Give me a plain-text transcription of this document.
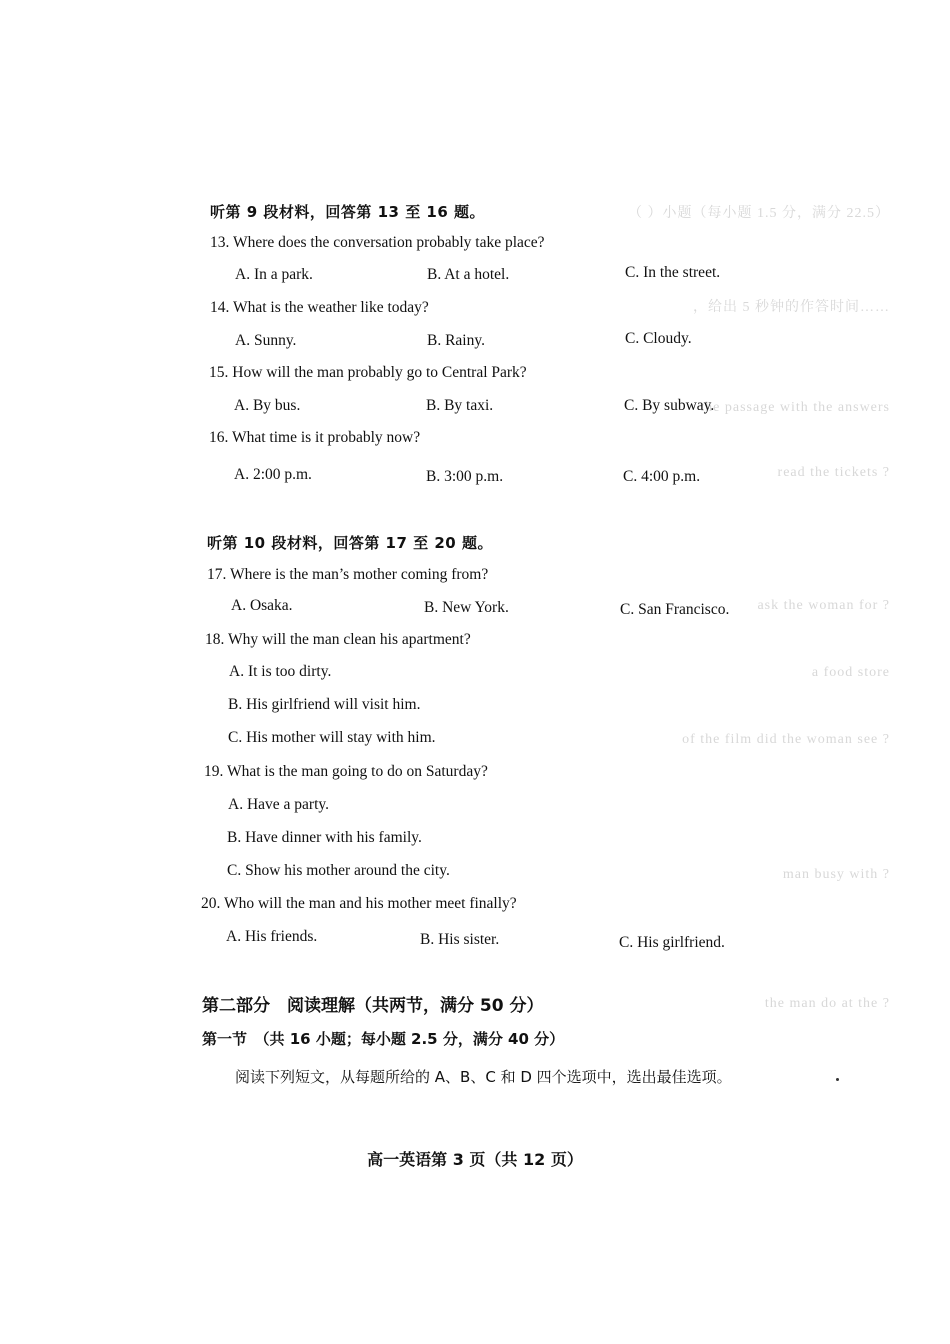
（ ）小题（每小题 1.5 分，满分 22.5）
，给出 5 秒钟的作答时间……
the passage with the answers
read the tickets ?
ask the woman for ?
a food store
of the film did the woman see ?
man busy with ?
the man do at the ?
听第 9 段材料，回答第 13 至 16 题。
13. Where does the conversation probably take place?
A. In a park.	B. At a hotel.	C. In the street.
14. What is the weather like today?
A. Sunny.	B. Rainy.	C. Cloudy.
15. How will the man probably go to Central Park?
A. By bus.	B. By taxi.	C. By subway.
16. What time is it probably now?
A. 2:00 p.m.	B. 3:00 p.m.	C. 4:00 p.m.
听第 10 段材料，回答第 17 至 20 题。
17. Where is the man’s mother coming from?
A. Osaka.	B. New York.	C. San Francisco.
18. Why will the man clean his apartment?
A. It is too dirty.
B. His girlfriend will visit him.
C. His mother will stay with him.
19. What is the man going to do on Saturday?
A. Have a party.
B. Have dinner with his family.
C. Show his mother around the city.
20. Who will the man and his mother meet finally?
A. His friends.	B. His sister.	C. His girlfriend.
第二部分　阅读理解（共两节，满分 50 分）
第一节　（共 16 小题；每小题 2.5 分，满分 40 分）
阅读下列短文，从每题所给的 A、B、C 和 D 四个选项中，选出最佳选项。
高一英语第 3 页（共 12 页）
